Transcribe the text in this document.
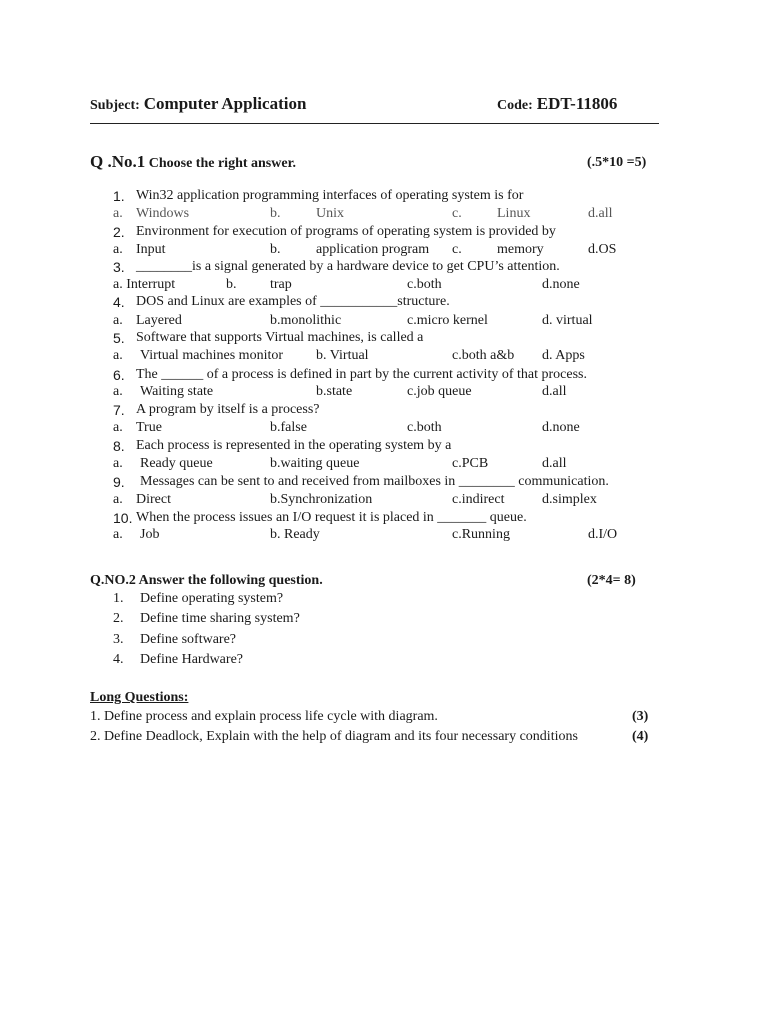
Subject: Computer Application	Code: EDT-11806
Q .No.1 Choose the right answer.	(.5*10 =5)
1. Win32 application programming interfaces of operating system is for
a. Windows	b.	Unix	c.	Linux	d.all
2. Environment for execution of programs of operating system is provided by
a. Input	b.	application program c.	memory	d.OS
3. ________is a signal generated by a hardware device to get CPU’s attention.
a. Interrupt	b. trap	c.both	d.none
4. DOS and Linux are examples of ___________structure.
a. Layered	b.monolithic	c.micro kernel	d. virtual
5. Software that supports Virtual machines, is called a
a. Virtual machines monitor b. Virtual	c.both a&b d. Apps
6. The ______ of a process is defined in part by the current activity of that process.
a. Waiting state	b.state	c.job queue	d.all
7. A program by itself is a process?
a. True	b.false	c.both	d.none
8. Each process is represented in the operating system by a
a. Ready queue	b.waiting queue	c.PCB	d.all
9. Messages can be sent to and received from mailboxes in ________ communication.
a. Direct	b.Synchronization	c.indirect	d.simplex
10. When the process issues an I/O request it is placed in _______ queue.
a. Job	b. Ready	c.Running	d.I/O
Q.NO.2 Answer the following question.	(2*4= 8)
1. Define operating system?
2. Define time sharing system?
3. Define software?
4. Define Hardware?
Long Questions:
1. Define process and explain process life cycle with diagram.	(3)
2. Define Deadlock, Explain with the help of diagram and its four necessary conditions	(4)
